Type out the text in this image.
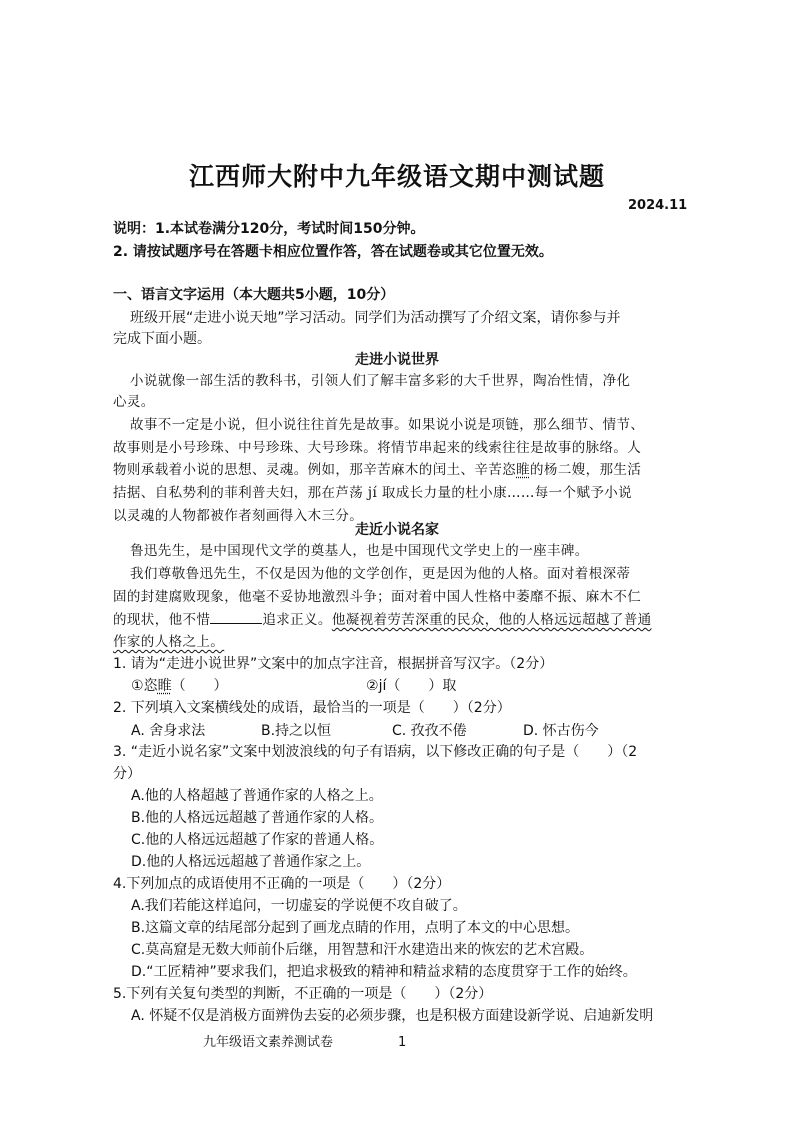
江西师大附中九年级语文期中测试题
2024.11
说明：1.本试卷满分120分，考试时间150分钟。
2. 请按试题序号在答题卡相应位置作答，答在试题卷或其它位置无效。
一、语言文字运用（本大题共5小题，10分）
班级开展“走进小说天地”学习活动。同学们为活动撰写了介绍文案，请你参与并
完成下面小题。
走进小说世界
小说就像一部生活的教科书，引领人们了解丰富多彩的大千世界，陶冶性情，净化
心灵。
故事不一定是小说，但小说往往首先是故事。如果说小说是项链，那么细节、情节、
故事则是小号珍珠、中号珍珠、大号珍珠。将情节串起来的线索往往是故事的脉络。人
物则承载着小说的思想、灵魂。例如，那辛苦麻木的闰土、辛苦恣睢的杨二嫂，那生活
拮据、自私势利的菲利普夫妇，那在芦荡 jí 取成长力量的杜小康……每一个赋予小说
以灵魂的人物都被作者刻画得入木三分。
走近小说名家
鲁迅先生，是中国现代文学的奠基人，也是中国现代文学史上的一座丰碑。
我们尊敬鲁迅先生，不仅是因为他的文学创作，更是因为他的人格。面对着根深蒂
固的封建腐败现象，他毫不妥协地激烈斗争；面对着中国人性格中萎靡不振、麻木不仁
的现状，他不惜	追求正义。他凝视着劳苦深重的民众，他的人格远远超越了普通
作家的人格之上。
1. 请为“走进小说世界”文案中的加点字注音，根据拼音写汉字。（2分）
①恣睢（　　）	②jí（　　）取
2. 下列填入文案横线处的成语，最恰当的一项是（　　）（2分）
A. 舍身求法	B.持之以恒	C. 孜孜不倦	D. 怀古伤今
3. “走近小说名家”文案中划波浪线的句子有语病，以下修改正确的句子是（　　）（2
分）
A.他的人格超越了普通作家的人格之上。
B.他的人格远远超越了普通作家的人格。
C.他的人格远远超越了作家的普通人格。
D.他的人格远远超越了普通作家之上。
4.下列加点的成语使用不正确的一项是（　　）（2分）
A.我们若能这样追问，一切虚妄的学说便不攻自破了。
B.这篇文章的结尾部分起到了画龙点睛的作用，点明了本文的中心思想。
C.莫高窟是无数大师前仆后继，用智慧和汗水建造出来的恢宏的艺术宫殿。
D.“工匠精神”要求我们，把追求极致的精神和精益求精的态度贯穿于工作的始终。
5.下列有关复句类型的判断，不正确的一项是（　　）（2分）
A. 怀疑不仅是消极方面辨伪去妄的必须步骤，也是积极方面建设新学说、启迪新发明
九年级语文素养测试卷	1
